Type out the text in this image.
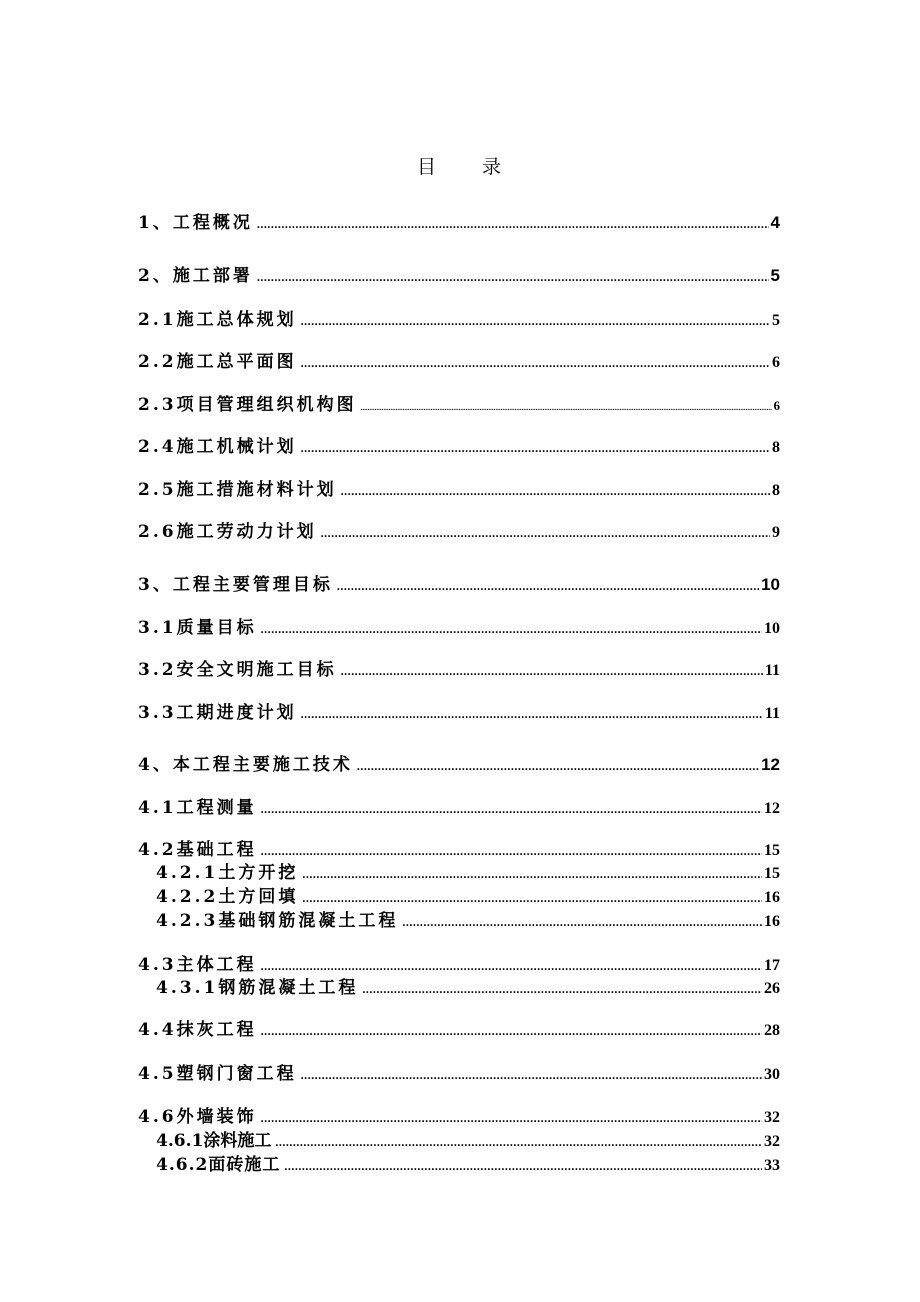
目 录
1、工程概况 .....	4
2、施工部署 .....	5
2.1施工总体规划 .....	5
2.2施工总平面图 .....	6
2.3项目管理组织机构图 .....	6
2.4施工机械计划 .....	8
2.5施工措施材料计划 .....	8
2.6施工劳动力计划 .....	9
3、工程主要管理目标 .....	10
3.1质量目标 .....	10
3.2安全文明施工目标 .....	11
3.3工期进度计划 .....	11
4、本工程主要施工技术 .....	12
4.1工程测量 .....	12
4.2基础工程 .....	15
4.2.1土方开挖 .....	15
4.2.2土方回填 .....	16
4.2.3基础钢筋混凝土工程 .....	16
4.3主体工程 .....	17
4.3.1钢筋混凝土工程 .....	26
4.4抹灰工程 .....	28
4.5塑钢门窗工程 .....	30
4.6外墙装饰 .....	32
4.6.1涂料施工 .....	32
4.6.2面砖施工 .....	33
